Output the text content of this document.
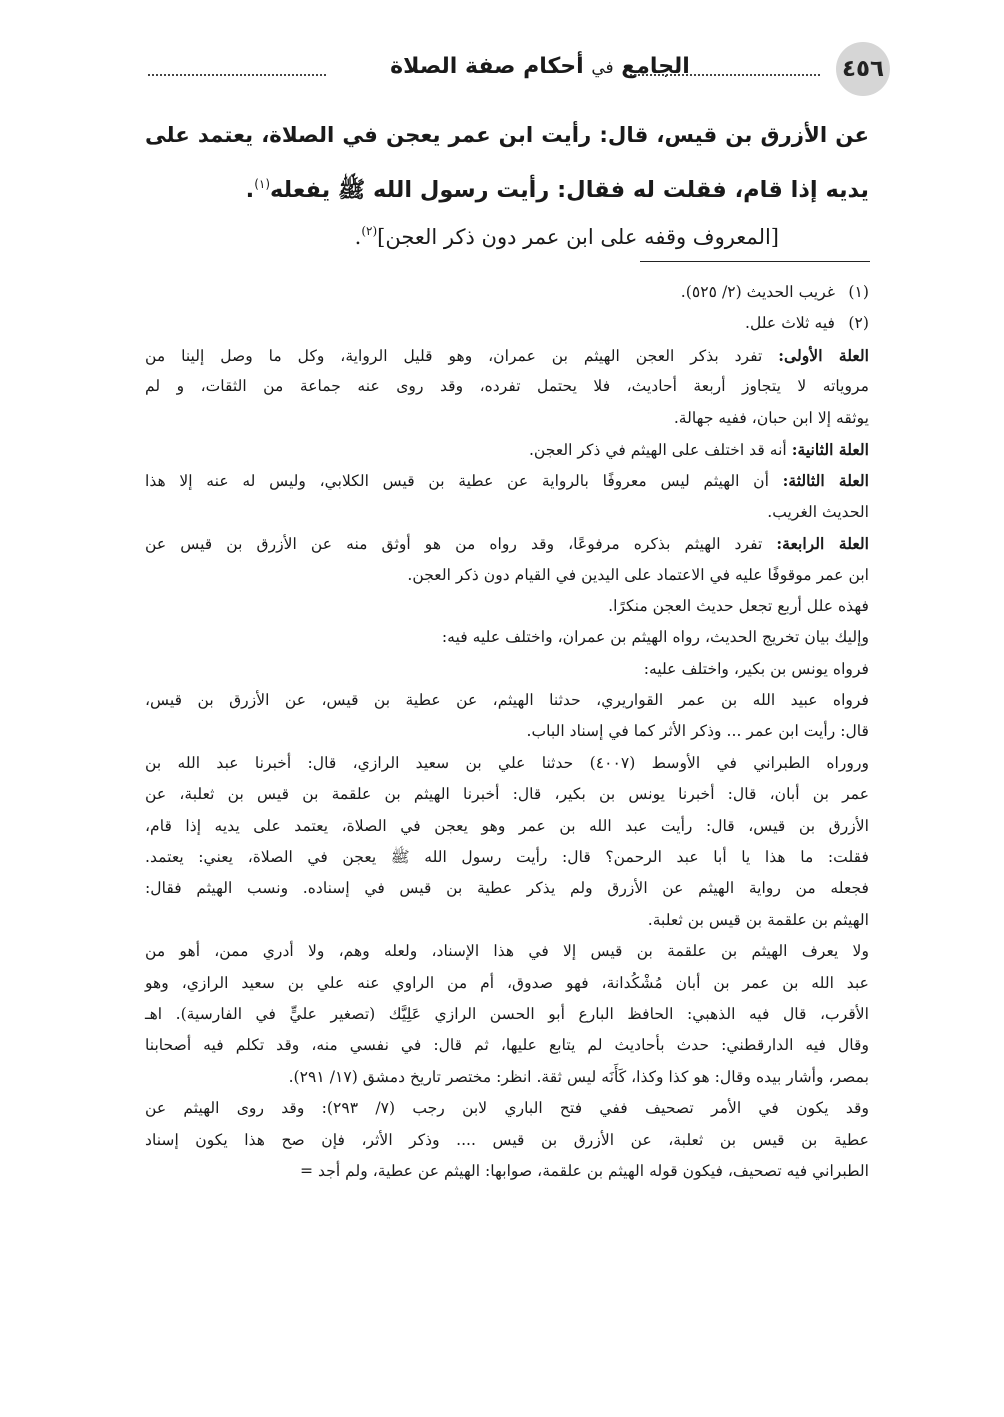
الجامع في أحكام صفة الصلاة	٤٥٦
عن الأزرق بن قيس، قال: رأيت ابن عمر يعجن في الصلاة، يعتمد على
يديه إذا قام، فقلت له فقال: رأيت رسول الله ﷺ يفعله$^{(١)}$.
[المعروف وقفه على ابن عمر دون ذكر العجن]$^{(٢)}$.
(١)غريب الحديث (٢/ ٥٢٥).
(٢)فيه ثلاث علل.
العلة الأولى: تفرد بذكر العجن الهيثم بن عمران، وهو قليل الرواية، وكل ما وصل إلينا من
مروياته لا يتجاوز أربعة أحاديث، فلا يحتمل تفرده، وقد روى عنه جماعة من الثقات، و لم
يوثقه إلا ابن حبان، ففيه جهالة.
العلة الثانية: أنه قد اختلف على الهيثم في ذكر العجن.
العلة الثالثة: أن الهيثم ليس معروفًا بالرواية عن عطية بن قيس الكلابي، وليس له عنه إلا هذا
الحديث الغريب.
العلة الرابعة: تفرد الهيثم بذكره مرفوعًا، وقد رواه من هو أوثق منه عن الأزرق بن قيس عن
ابن عمر موقوفًا عليه في الاعتماد على اليدين في القيام دون ذكر العجن.
فهذه علل أربع تجعل حديث العجن منكرًا.
وإليك بيان تخريج الحديث، رواه الهيثم بن عمران، واختلف عليه فيه:
فرواه يونس بن بكير، واختلف عليه:
فرواه عبيد الله بن عمر القواريري، حدثنا الهيثم، عن عطية بن قيس، عن الأزرق بن قيس،
قال: رأيت ابن عمر ... وذكر الأثر كما في إسناد الباب.
وروراه الطبراني في الأوسط (٤٠٠٧) حدثنا علي بن سعيد الرازي، قال: أخبرنا عبد الله بن
عمر بن أبان، قال: أخبرنا يونس بن بكير، قال: أخبرنا الهيثم بن علقمة بن قيس بن ثعلبة، عن
الأزرق بن قيس، قال: رأيت عبد الله بن عمر وهو يعجن في الصلاة، يعتمد على يديه إذا قام،
فقلت: ما هذا يا أبا عبد الرحمن؟ قال: رأيت رسول الله ﷺ يعجن في الصلاة، يعني: يعتمد.
فجعله من رواية الهيثم عن الأزرق ولم يذكر عطية بن قيس في إسناده. ونسب الهيثم فقال:
الهيثم بن علقمة بن قيس بن ثعلبة.
ولا يعرف الهيثم بن علقمة بن قيس إلا في هذا الإسناد، ولعله وهم، ولا أدري ممن، أهو من
عبد الله بن عمر بن أبان مُشْكُدانة، فهو صدوق، أم من الراوي عنه علي بن سعيد الرازي، وهو
الأقرب، قال فيه الذهبي: الحافظ البارع أبو الحسن الرازي عَلِيَّك (تصغير عليٍّ في الفارسية). اهـ
وقال فيه الدارقطني: حدث بأحاديث لم يتابع عليها، ثم قال: في نفسي منه، وقد تكلم فيه أصحابنا
بمصر، وأشار بيده وقال: هو كذا وكذا، كَأَنَه ليس ثقة. انظر: مختصر تاريخ دمشق (١٧/ ٢٩١).
وقد يكون في الأمر تصحيف ففي فتح الباري لابن رجب (٧/ ٢٩٣): وقد روى الهيثم عن
عطية بن قيس بن ثعلبة، عن الأزرق بن قيس .... وذكر الأثر، فإن صح هذا يكون إسناد
الطبراني فيه تصحيف، فيكون قوله الهيثم بن علقمة، صوابها: الهيثم عن عطية، ولم أجد =
